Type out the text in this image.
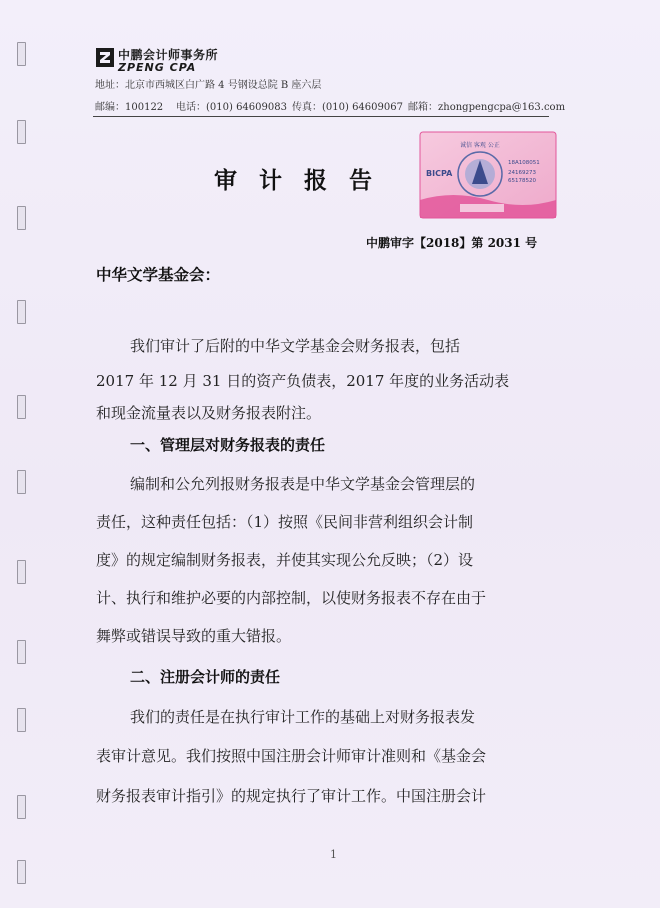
中鹏会计师事务所
ZPENG CPA
地址：北京市西城区白广路 4 号钢设总院 B 座六层
邮编：100122 电话：(010) 64609083 传真：(010) 64609067 邮箱：zhongpengcpa@163.com
审计报告	BICPA
诚信 客观 公正
18A108051
24169273
65178520
中鹏审字【2018】第 2031 号
中华文学基金会：
我们审计了后附的中华文学基金会财务报表，包括
2017 年 12 月 31 日的资产负债表，2017 年度的业务活动表
和现金流量表以及财务报表附注。
一、管理层对财务报表的责任
编制和公允列报财务报表是中华文学基金会管理层的
责任，这种责任包括：（1）按照《民间非营利组织会计制
度》的规定编制财务报表，并使其实现公允反映；（2）设
计、执行和维护必要的内部控制，以使财务报表不存在由于
舞弊或错误导致的重大错报。
二、注册会计师的责任
我们的责任是在执行审计工作的基础上对财务报表发
表审计意见。我们按照中国注册会计师审计准则和《基金会
财务报表审计指引》的规定执行了审计工作。中国注册会计
1
